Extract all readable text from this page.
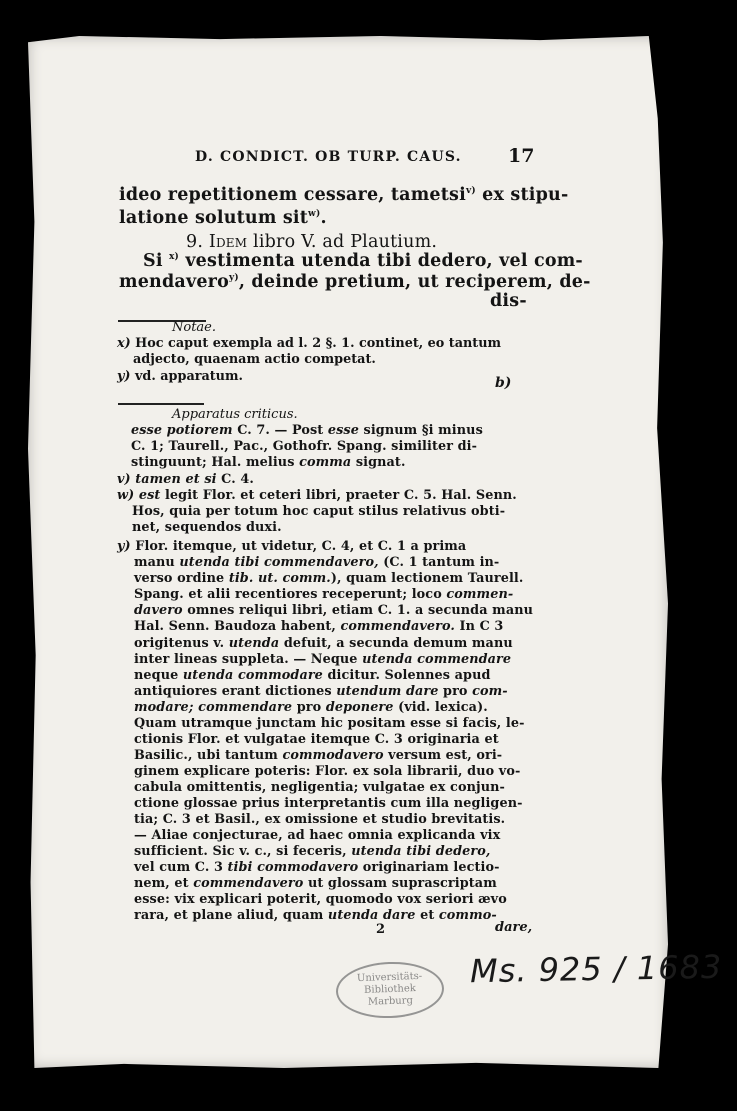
D. CONDICT. OB TURP. CAUS. 17
ideo repetitionem cessare, tametsi$^{v)}$ ex stipu-
latione solutum sit$^{w)}$.
9. Idem libro V. ad Plautium.
Si $^{x)}$ vestimenta utenda tibi dedero, vel com-
mendavero$^{y)}$, deinde pretium, ut reciperem, de-
dis-
Notae.
x) Hoc caput exempla ad l. 2 §. 1. continet, eo tantum
adjecto, quaenam actio competat.
y) vd. apparatum.	b)
Apparatus criticus.
esse potiorem C. 7. — Post esse signum §i minus
C. 1; Taurell., Pac., Gothofr. Spang. similiter di-
stinguunt; Hal. melius comma signat.
v) tamen et si C. 4.
w) est legit Flor. et ceteri libri, praeter C. 5. Hal. Senn.
Hos, quia per totum hoc caput stilus relativus obti-
net, sequendos duxi.
y) Flor. itemque, ut videtur, C. 4, et C. 1 a prima
manu utenda tibi commendavero, (C. 1 tantum in-
verso ordine tib. ut. comm.), quam lectionem Taurell.
Spang. et alii recentiores receperunt; loco commen-
davero omnes reliqui libri, etiam C. 1. a secunda manu
Hal. Senn. Baudoza habent, commendavero. In C 3
origitenus v. utenda defuit, a secunda demum manu
inter lineas suppleta. — Neque utenda commendare
neque utenda commodare dicitur. Solennes apud
antiquiores erant dictiones utendum dare pro com-
modare; commendare pro deponere (vid. lexica).
Quam utramque junctam hic positam esse si facis, le-
ctionis Flor. et vulgatae itemque C. 3 originaria et
Basilic., ubi tantum commodavero versum est, ori-
ginem explicare poteris: Flor. ex sola librarii, duo vo-
cabula omittentis, negligentia; vulgatae ex conjun-
ctione glossae prius interpretantis cum illa negligen-
tia; C. 3 et Basil., ex omissione et studio brevitatis.
— Aliae conjecturae, ad haec omnia explicanda vix
sufficient. Sic v. c., si feceris, utenda tibi dedero,
vel cum C. 3 tibi commodavero originariam lectio-
nem, et commendavero ut glossam suprascriptam
esse: vix explicari poterit, quomodo vox seriori ævo
rara, et plane aliud, quam utenda dare et commo-
2	dare,
Universitäts-
Bibliothek
Marburg
Ms. 925 / 1683
